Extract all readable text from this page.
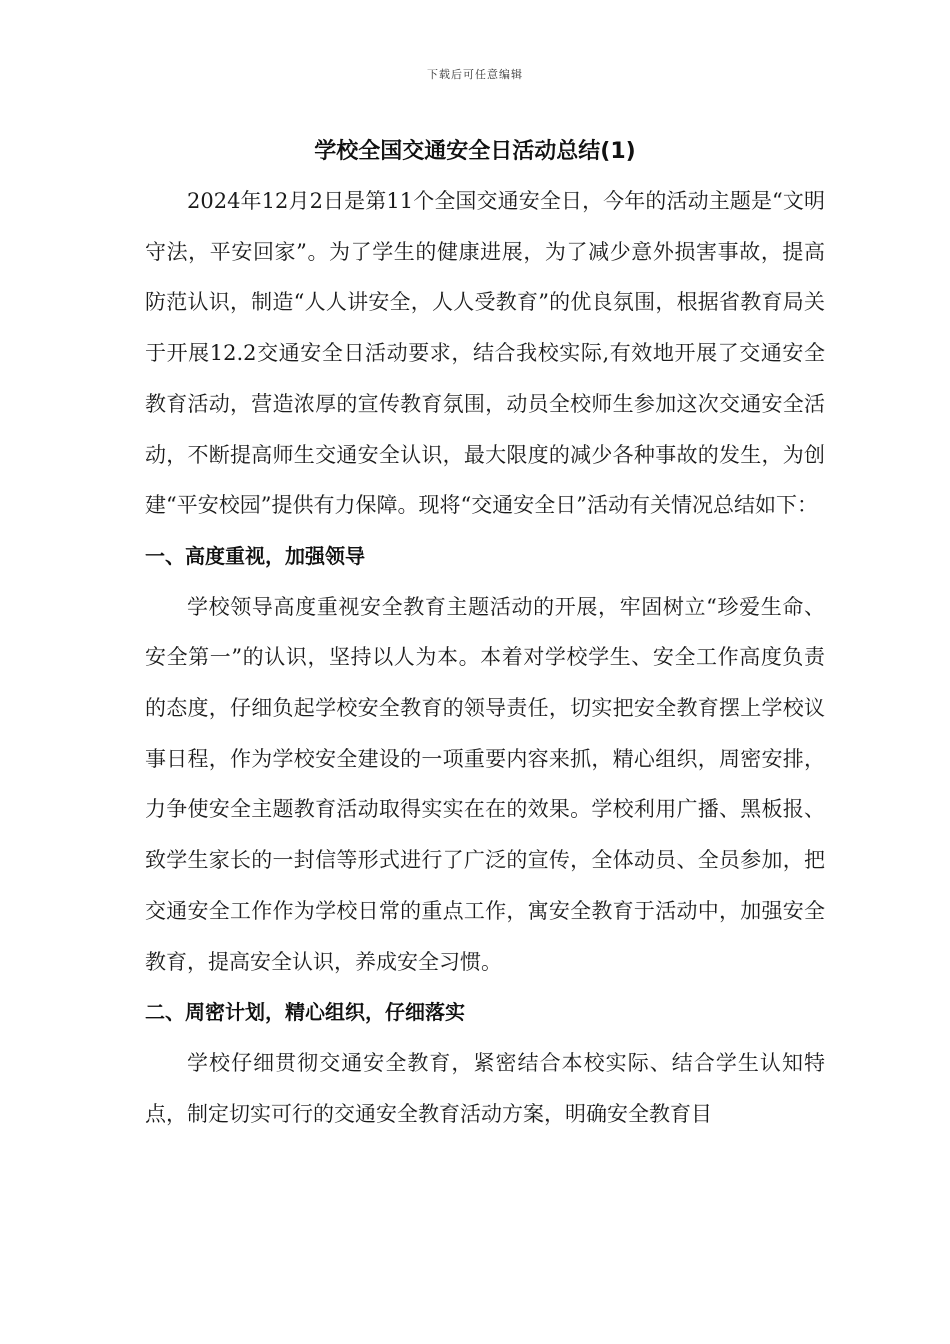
下载后可任意编辑
学校全国交通安全日活动总结(1)

2024年12月2日是第11个全国交通安全日，今年的活动主题是“文明守法，平安回家”。为了学生的健康进展，为了减少意外损害事故，提高防范认识，制造“人人讲安全，人人受教育”的优良氛围，根据省教育局关于开展12.2交通安全日活动要求，结合我校实际,有效地开展了交通安全教育活动，营造浓厚的宣传教育氛围，动员全校师生参加这次交通安全活动，不断提高师生交通安全认识，最大限度的减少各种事故的发生，为创建“平安校园”提供有力保障。现将“交通安全日”活动有关情况总结如下：

一、高度重视，加强领导

学校领导高度重视安全教育主题活动的开展，牢固树立“珍爱生命、安全第一”的认识，坚持以人为本。本着对学校学生、安全工作高度负责的态度，仔细负起学校安全教育的领导责任，切实把安全教育摆上学校议事日程，作为学校安全建设的一项重要内容来抓，精心组织，周密安排，力争使安全主题教育活动取得实实在在的效果。学校利用广播、黑板报、致学生家长的一封信等形式进行了广泛的宣传，全体动员、全员参加，把交通安全工作作为学校日常的重点工作，寓安全教育于活动中，加强安全教育，提高安全认识，养成安全习惯。

二、周密计划，精心组织，仔细落实

学校仔细贯彻交通安全教育，紧密结合本校实际、结合学生认知特点，制定切实可行的交通安全教育活动方案，明确安全教育目
